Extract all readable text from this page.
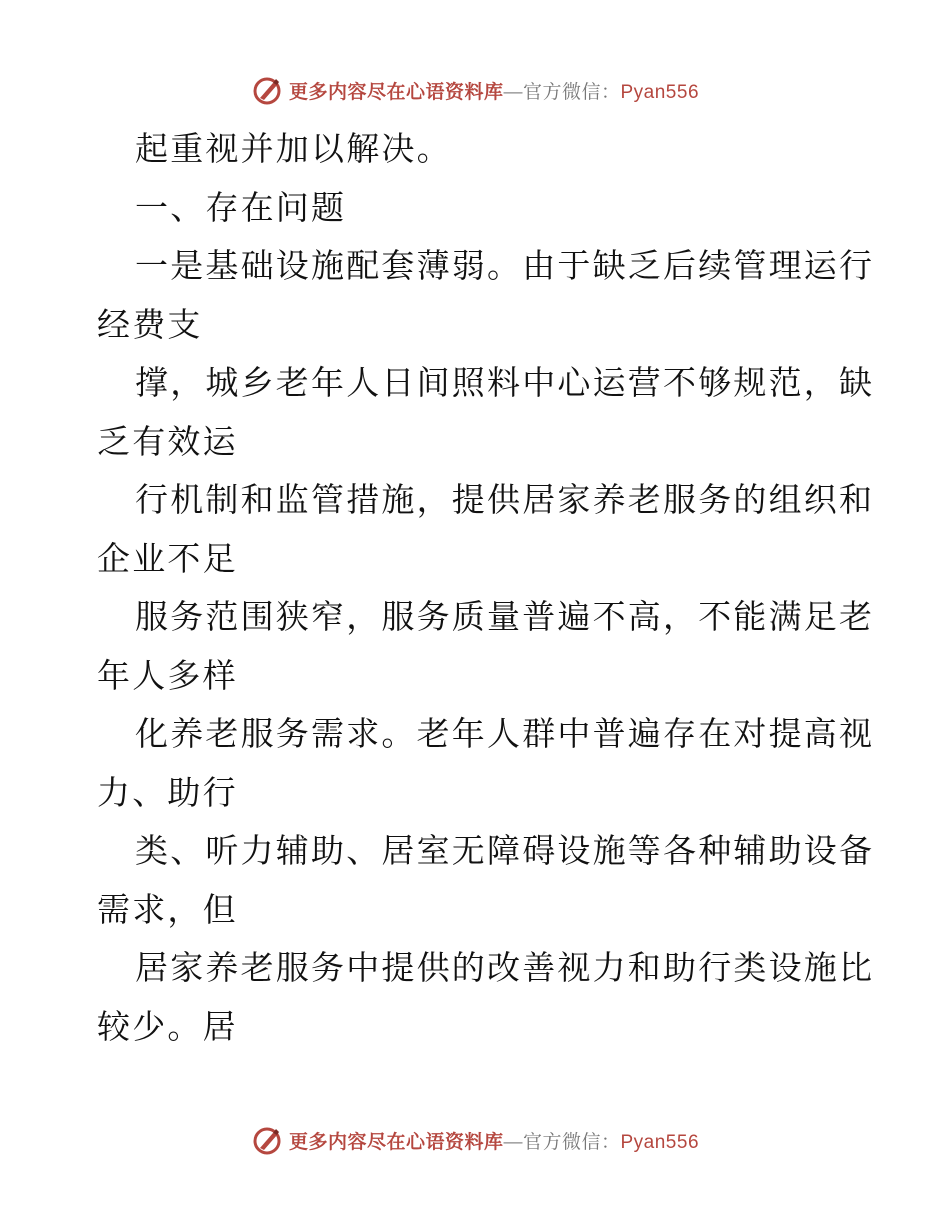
更多内容尽在心语资料库—官方微信：Pyan556
起重视并加以解决。
一、存在问题
一是基础设施配套薄弱。由于缺乏后续管理运行
经费支
撑，城乡老年人日间照料中心运营不够规范，缺
乏有效运
行机制和监管措施，提供居家养老服务的组织和
企业不足
服务范围狭窄，服务质量普遍不高，不能满足老
年人多样
化养老服务需求。老年人群中普遍存在对提高视
力、助行
类、听力辅助、居室无障碍设施等各种辅助设备
需求，但
居家养老服务中提供的改善视力和助行类设施比
较少。居
更多内容尽在心语资料库—官方微信：Pyan556
